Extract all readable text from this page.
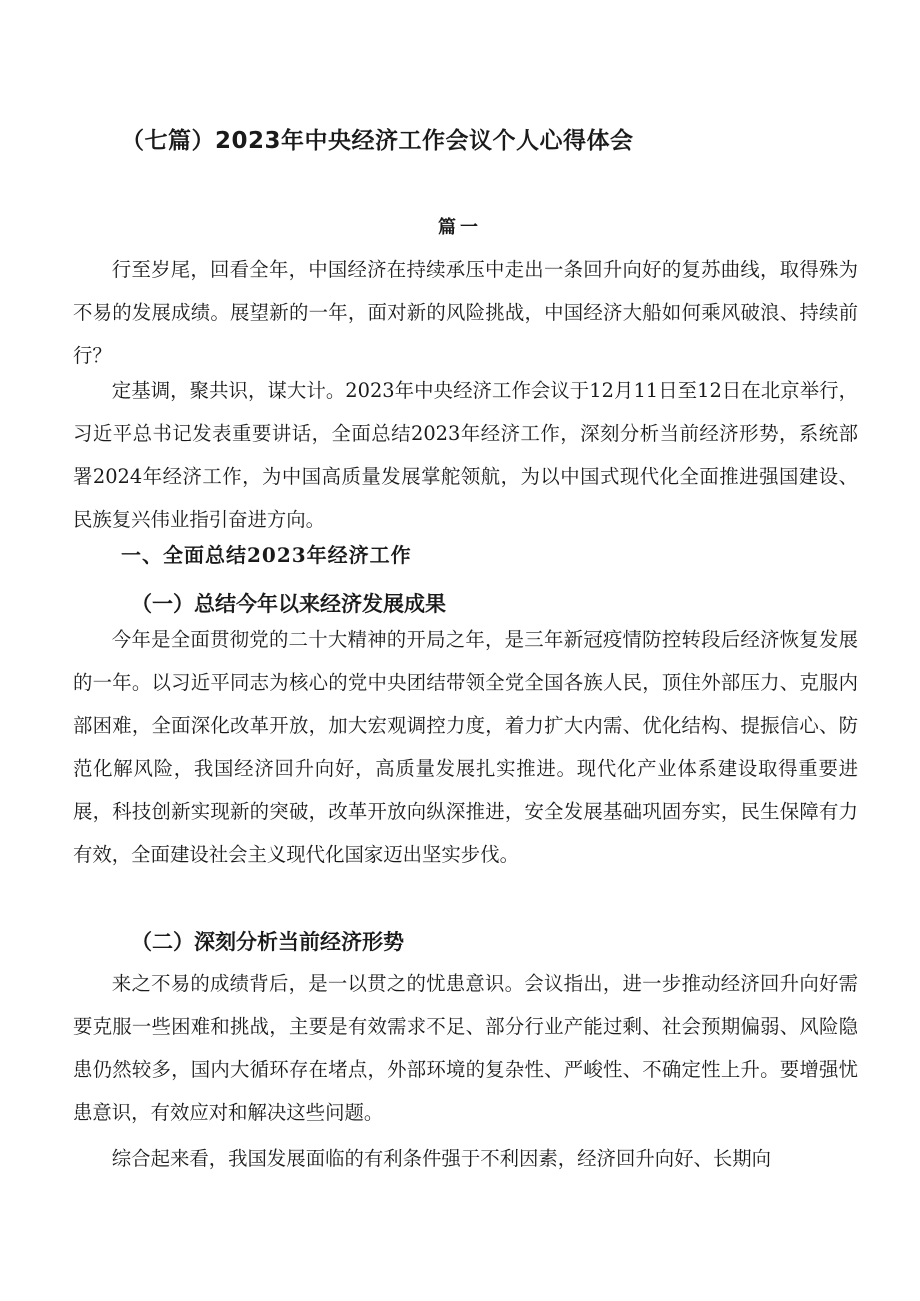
（七篇）2023年中央经济工作会议个人心得体会
篇一

行至岁尾，回看全年，中国经济在持续承压中走出一条回升向好的复苏曲线，取得殊为不易的发展成绩。展望新的一年，面对新的风险挑战，中国经济大船如何乘风破浪、持续前行？

定基调，聚共识，谋大计。2023年中央经济工作会议于12月11日至12日在北京举行，习近平总书记发表重要讲话，全面总结2023年经济工作，深刻分析当前经济形势，系统部署2024年经济工作，为中国高质量发展掌舵领航，为以中国式现代化全面推进强国建设、民族复兴伟业指引奋进方向。

一、全面总结2023年经济工作
（一）总结今年以来经济发展成果

今年是全面贯彻党的二十大精神的开局之年，是三年新冠疫情防控转段后经济恢复发展的一年。以习近平同志为核心的党中央团结带领全党全国各族人民，顶住外部压力、克服内部困难，全面深化改革开放，加大宏观调控力度，着力扩大内需、优化结构、提振信心、防范化解风险，我国经济回升向好，高质量发展扎实推进。现代化产业体系建设取得重要进展，科技创新实现新的突破，改革开放向纵深推进，安全发展基础巩固夯实，民生保障有力有效，全面建设社会主义现代化国家迈出坚实步伐。

（二）深刻分析当前经济形势

来之不易的成绩背后，是一以贯之的忧患意识。会议指出，进一步推动经济回升向好需要克服一些困难和挑战，主要是有效需求不足、部分行业产能过剩、社会预期偏弱、风险隐患仍然较多，国内大循环存在堵点，外部环境的复杂性、严峻性、不确定性上升。要增强忧患意识，有效应对和解决这些问题。

综合起来看，我国发展面临的有利条件强于不利因素，经济回升向好、长期向
